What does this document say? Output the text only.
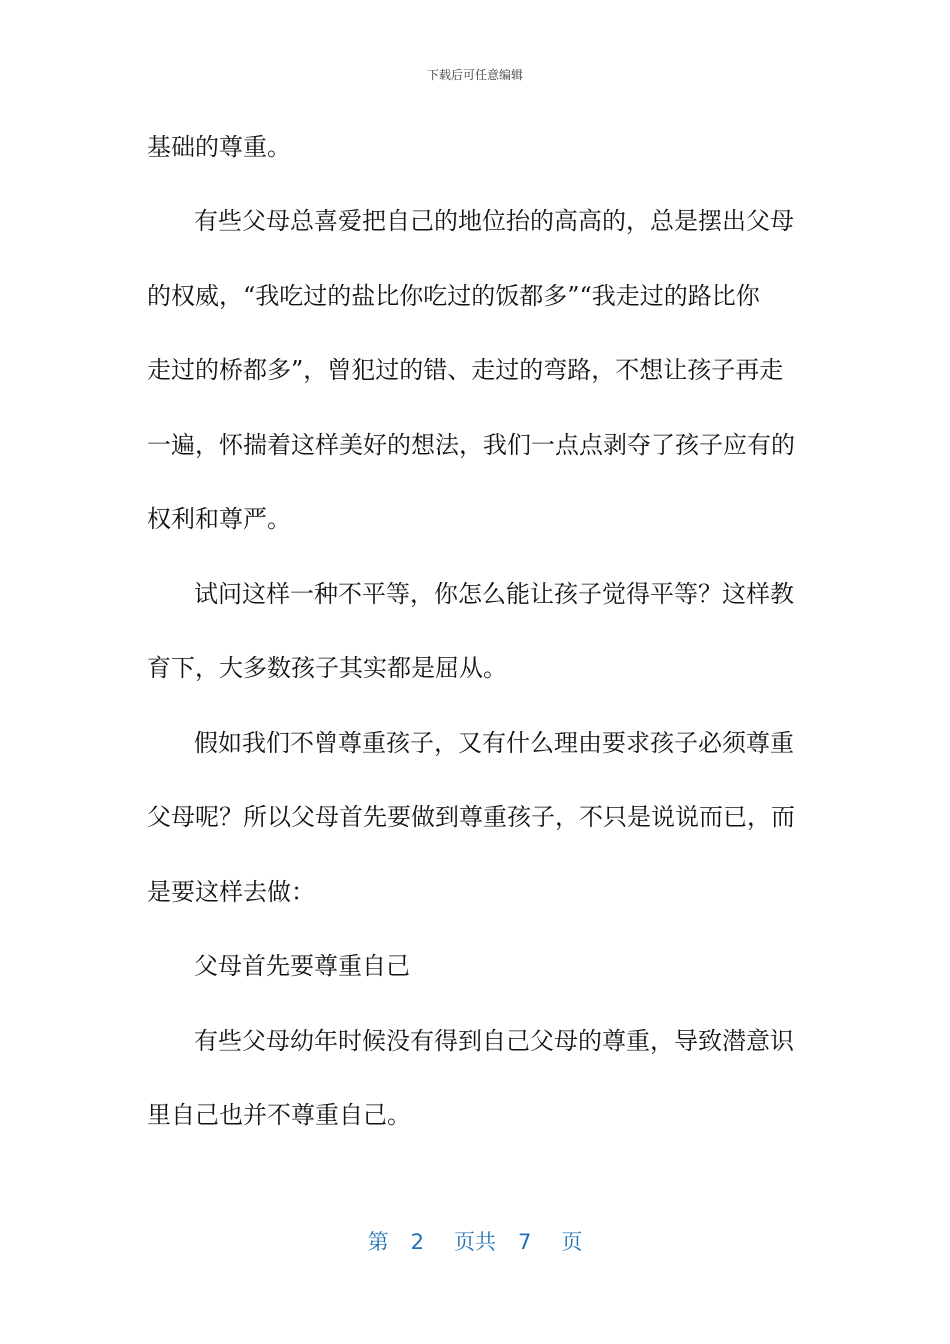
下载后可任意编辑
基础的尊重。
有些父母总喜爱把自己的地位抬的高高的，总是摆出父母
的权威，“我吃过的盐比你吃过的饭都多”“我走过的路比你
走过的桥都多”，曾犯过的错、走过的弯路，不想让孩子再走
一遍，怀揣着这样美好的想法，我们一点点剥夺了孩子应有的
权利和尊严。
试问这样一种不平等，你怎么能让孩子觉得平等？这样教
育下，大多数孩子其实都是屈从。
假如我们不曾尊重孩子，又有什么理由要求孩子必须尊重
父母呢？所以父母首先要做到尊重孩子，不只是说说而已，而
是要这样去做：
父母首先要尊重自己
有些父母幼年时候没有得到自己父母的尊重，导致潜意识
里自己也并不尊重自己。
第 2 页共 7 页
